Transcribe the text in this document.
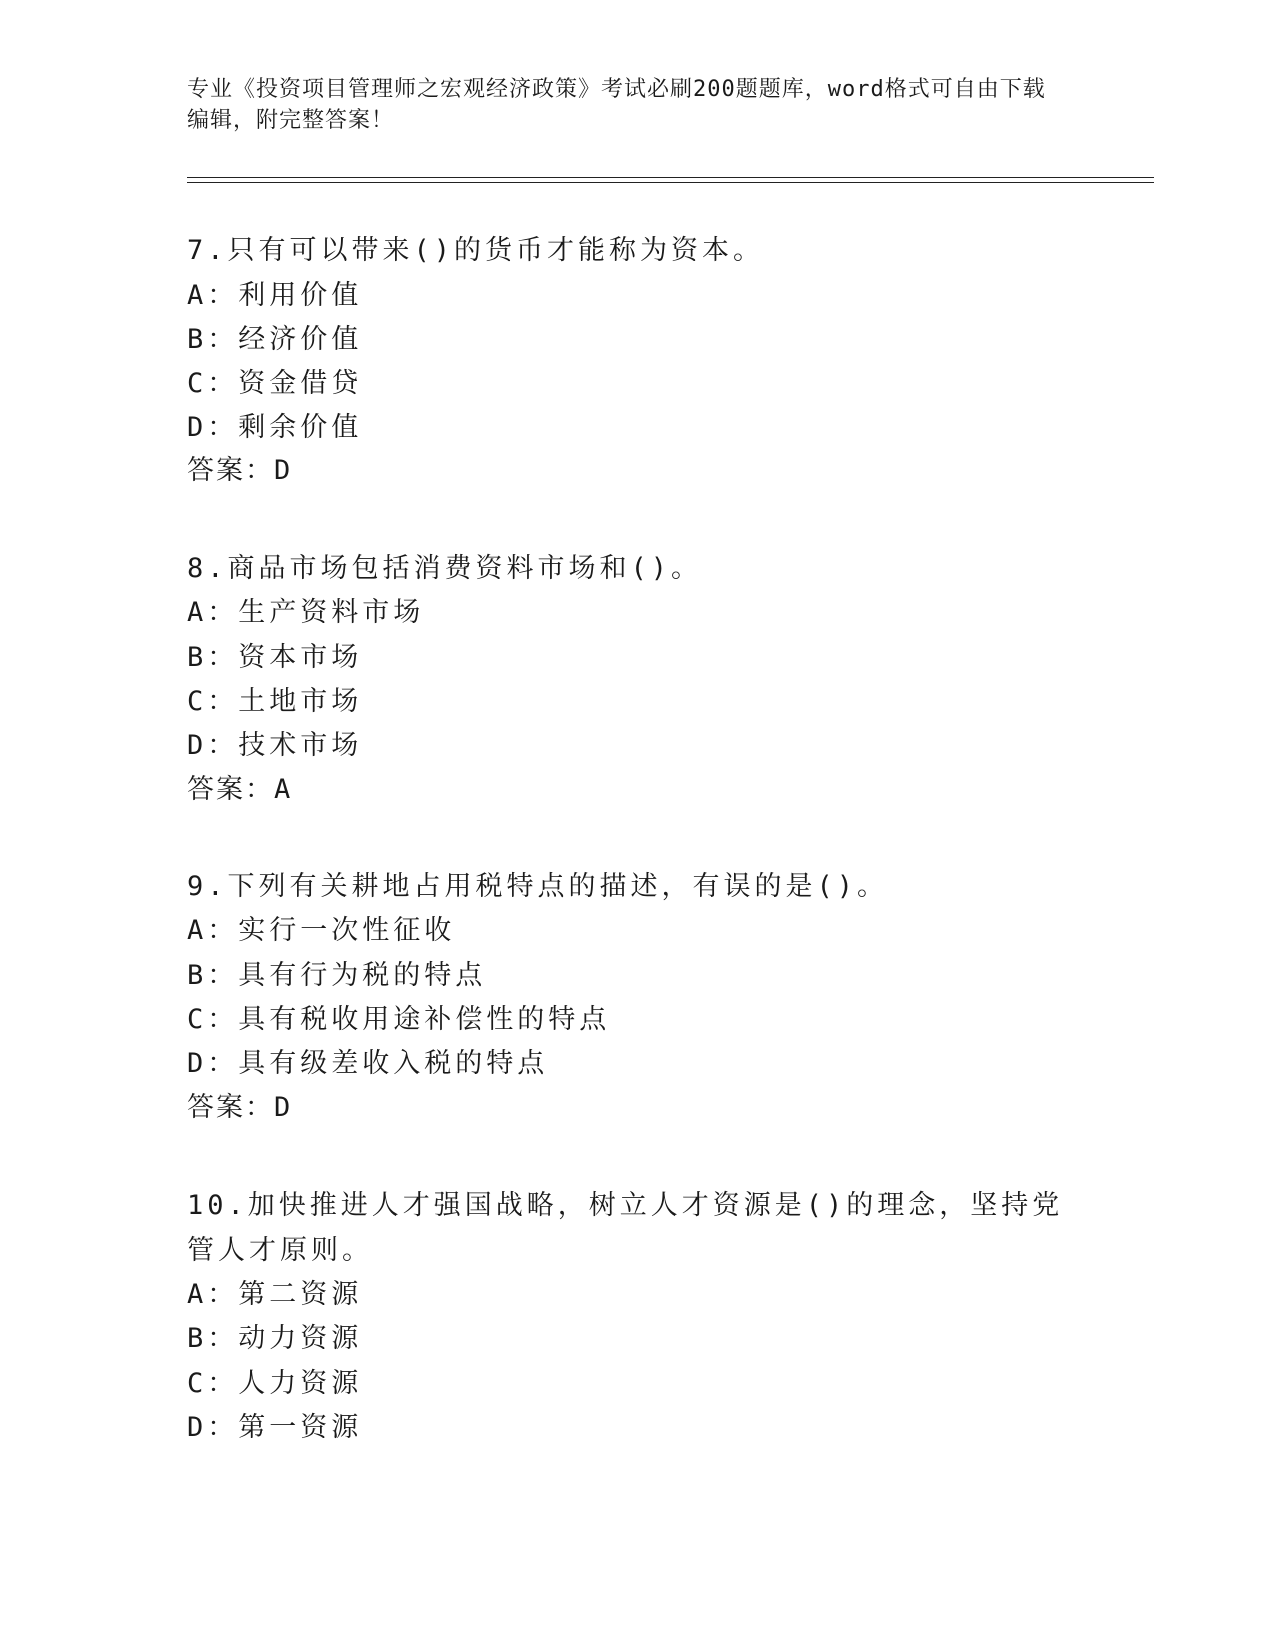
专业《投资项目管理师之宏观经济政策》考试必刷200题题库，word格式可自由下载编辑，附完整答案！
7.只有可以带来()的货币才能称为资本。
A：利用价值
B：经济价值
C：资金借贷
D：剩余价值
答案：D
8.商品市场包括消费资料市场和()。
A：生产资料市场
B：资本市场
C：土地市场
D：技术市场
答案：A
9.下列有关耕地占用税特点的描述，有误的是()。
A：实行一次性征收
B：具有行为税的特点
C：具有税收用途补偿性的特点
D：具有级差收入税的特点
答案：D
10.加快推进人才强国战略，树立人才资源是()的理念，坚持党管人才原则。
A：第二资源
B：动力资源
C：人力资源
D：第一资源
